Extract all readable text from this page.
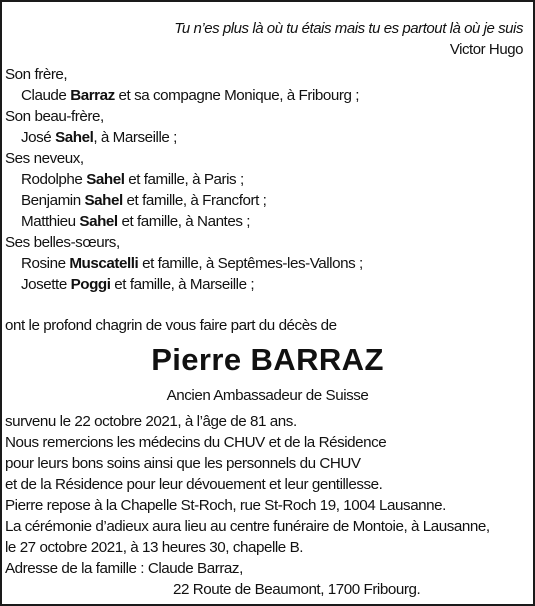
Tu n’es plus là où tu étais mais tu es partout là où je suis

Victor Hugo

Son frère,

Claude Barraz et sa compagne Monique, à Fribourg ;

Son beau-frère,

José Sahel, à Marseille ;

Ses neveux,

Rodolphe Sahel et famille, à Paris ;

Benjamin Sahel et famille, à Francfort ;

Matthieu Sahel et famille, à Nantes ;

Ses belles-sœurs,

Rosine Muscatelli et famille, à Septêmes-les-Vallons ;

Josette Poggi et famille, à Marseille ;

ont le profond chagrin de vous faire part du décès de

Pierre BARRAZ
Ancien Ambassadeur de Suisse

survenu le 22 octobre 2021, à l’âge de 81 ans.

Nous remercions les médecins du CHUV et de la Résidence

pour leurs bons soins ainsi que les personnels du CHUV

et de la Résidence pour leur dévouement et leur gentillesse.

Pierre repose à la Chapelle St-Roch, rue St-Roch 19, 1004 Lausanne.

La cérémonie d’adieux aura lieu au centre funéraire de Montoie, à Lausanne,

le 27 octobre 2021, à 13 heures 30, chapelle B.

Adresse de la famille : Claude Barraz,

22 Route de Beaumont, 1700 Fribourg.
